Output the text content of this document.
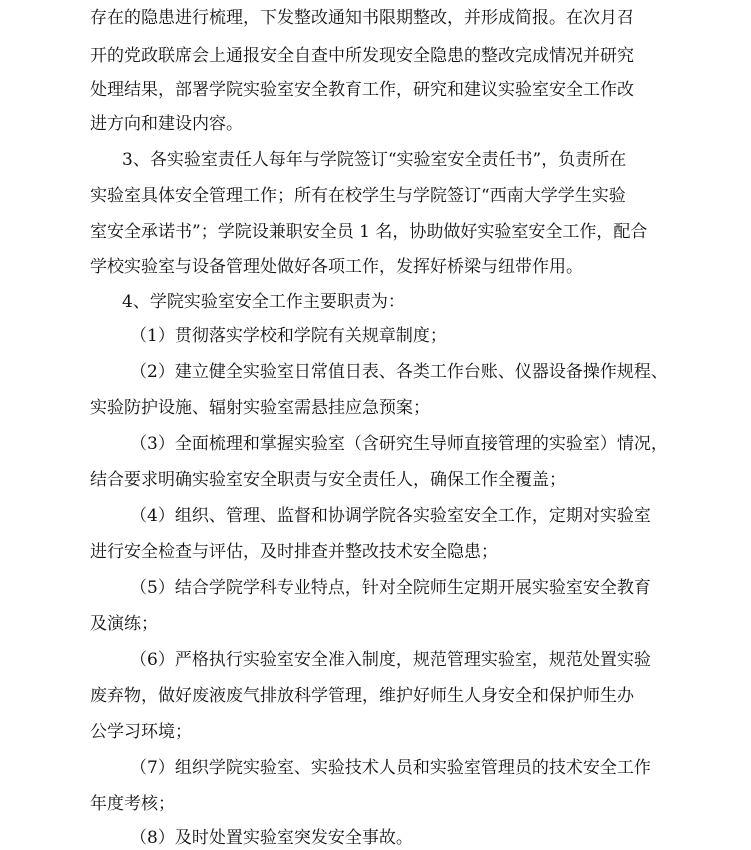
存在的隐患进行梳理，下发整改通知书限期整改，并形成简报。在次月召
开的党政联席会上通报安全自查中所发现安全隐患的整改完成情况并研究
处理结果，部署学院实验室安全教育工作，研究和建议实验室安全工作改
进方向和建设内容。
3、各实验室责任人每年与学院签订“实验室安全责任书”，负责所在
实验室具体安全管理工作；所有在校学生与学院签订“西南大学学生实验
室安全承诺书”；学院设兼职安全员 1 名，协助做好实验室安全工作，配合
学校实验室与设备管理处做好各项工作，发挥好桥梁与纽带作用。
4、学院实验室安全工作主要职责为：
（1）贯彻落实学校和学院有关规章制度；
（2）建立健全实验室日常值日表、各类工作台账、仪器设备操作规程、
实验防护设施、辐射实验室需悬挂应急预案；
（3）全面梳理和掌握实验室（含研究生导师直接管理的实验室）情况，
结合要求明确实验室安全职责与安全责任人，确保工作全覆盖；
（4）组织、管理、监督和协调学院各实验室安全工作，定期对实验室
进行安全检查与评估，及时排查并整改技术安全隐患；
（5）结合学院学科专业特点，针对全院师生定期开展实验室安全教育
及演练；
（6）严格执行实验室安全准入制度，规范管理实验室，规范处置实验
废弃物，做好废液废气排放科学管理，维护好师生人身安全和保护师生办
公学习环境；
（7）组织学院实验室、实验技术人员和实验室管理员的技术安全工作
年度考核；
（8）及时处置实验室突发安全事故。
